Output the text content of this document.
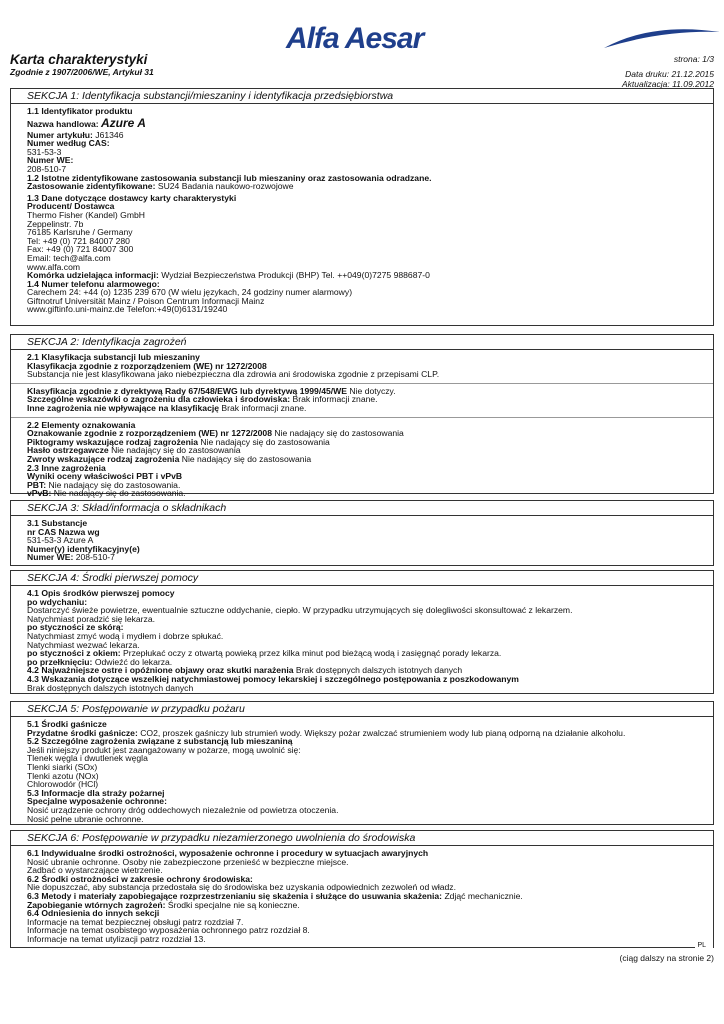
Alfa Aesar
Karta charakterystyki
Zgodnie z 1907/2006/WE, Artykuł 31
strona: 1/3
Data druku: 21.12.2015
Aktualizacja: 11.09.2012
SEKCJA 1: Identyfikacja substancji/mieszaniny i identyfikacja przedsiębiorstwa
1.1 Identyfikator produktu
Nazwa handlowa: Azure A
Numer artykułu: J61346
Numer według CAS:
531-53-3
Numer WE:
208-510-7
1.2 Istotne zidentyfikowane zastosowania substancji lub mieszaniny oraz zastosowania odradzane.
Zastosowanie zidentyfikowane: SU24 Badania naukowo-rozwojowe
1.3 Dane dotyczące dostawcy karty charakterystyki
Producent/ Dostawca
Thermo Fisher (Kandel) GmbH
Zeppelinstr. 7b
76185 Karlsruhe / Germany
Tel: +49 (0) 721 84007 280
Fax: +49 (0) 721 84007 300
Email: tech@alfa.com
www.alfa.com
Komórka udzielająca informacji: Wydział Bezpieczeństwa Produkcji (BHP) Tel. ++049(0)7275 988687-0
1.4 Numer telefonu alarmowego:
Carechem 24: +44 (o) 1235 239 670 (W wielu językach, 24 godziny numer alarmowy)
Giftnotruf Universität Mainz / Poison Centrum Informacji Mainz
www.giftinfo.uni-mainz.de Telefon:+49(0)6131/19240
SEKCJA 2: Identyfikacja zagrożeń
2.1 Klasyfikacja substancji lub mieszaniny
Klasyfikacja zgodnie z rozporządzeniem (WE) nr 1272/2008
Substancja nie jest klasyfikowana jako niebezpieczna dla zdrowia ani środowiska zgodnie z przepisami CLP.
Klasyfikacja zgodnie z dyrektywą Rady 67/548/EWG lub dyrektywą 1999/45/WE Nie dotyczy.
Szczególne wskazówki o zagrożeniu dla człowieka i środowiska: Brak informacji znane.
Inne zagrożenia nie wpływające na klasyfikację Brak informacji znane.
2.2 Elementy oznakowania
Oznakowanie zgodnie z rozporządzeniem (WE) nr 1272/2008 Nie nadający się do zastosowania
Piktogramy wskazujące rodzaj zagrożenia Nie nadający się do zastosowania
Hasło ostrzegawcze Nie nadający się do zastosowania
Zwroty wskazujące rodzaj zagrożenia Nie nadający się do zastosowania
2.3 Inne zagrożenia
Wyniki oceny właściwości PBT i vPvB
PBT: Nie nadający się do zastosowania.
vPvB: Nie nadający się do zastosowania.
SEKCJA 3: Skład/informacja o składnikach
3.1 Substancje
nr CAS Nazwa wg
531-53-3 Azure A
Numer(y) identyfikacyjny(e)
Numer WE: 208-510-7
SEKCJA 4: Środki pierwszej pomocy
4.1 Opis środków pierwszej pomocy
po wdychaniu:
Dostarczyć świeże powietrze, ewentualnie sztuczne oddychanie, ciepło. W przypadku utrzymujących się dolegliwości skonsultować z lekarzem.
Natychmiast poradzić się lekarza.
po styczności ze skórą:
Natychmiast zmyć wodą i mydłem i dobrze spłukać.
Natychmiast wezwać lekarza.
po styczności z okiem: Przepłukać oczy z otwartą powieką przez kilka minut pod bieżącą wodą i zasięgnąć porady lekarza.
po przełknięciu: Odwieźć do lekarza.
4.2 Najważniejsze ostre i opóźnione objawy oraz skutki narażenia Brak dostępnych dalszych istotnych danych
4.3 Wskazania dotyczące wszelkiej natychmiastowej pomocy lekarskiej i szczególnego postępowania z poszkodowanym
Brak dostępnych dalszych istotnych danych
SEKCJA 5: Postępowanie w przypadku pożaru
5.1 Środki gaśnicze
Przydatne środki gaśnicze: CO2, proszek gaśniczy lub strumień wody. Większy pożar zwalczać strumieniem wody lub pianą odporną na działanie alkoholu.
5.2 Szczególne zagrożenia związane z substancją lub mieszaniną
Jeśli niniejszy produkt jest zaangażowany w pożarze, mogą uwolnić się:
Tlenek węgla i dwutlenek węgla
Tlenki siarki (SOx)
Tlenki azotu (NOx)
Chlorowodór (HCl)
5.3 Informacje dla straży pożarnej
Specjalne wyposażenie ochronne:
Nosić urządzenie ochrony dróg oddechowych niezależnie od powietrza otoczenia.
Nosić pełne ubranie ochronne.
SEKCJA 6: Postępowanie w przypadku niezamierzonego uwolnienia do środowiska
6.1 Indywidualne środki ostrożności, wyposażenie ochronne i procedury w sytuacjach awaryjnych
Nosić ubranie ochronne. Osoby nie zabezpieczone przenieść w bezpieczne miejsce.
Zadbać o wystarczające wietrzenie.
6.2 Środki ostrożności w zakresie ochrony środowiska:
Nie dopuszczać, aby substancja przedostała się do środowiska bez uzyskania odpowiednich zezwoleń od władz.
6.3 Metody i materiały zapobiegające rozprzestrzenianiu się skażenia i służące do usuwania skażenia: Zdjąć mechanicznie.
Zapobieganie wtórnych zagrożeń: Środki specjalne nie są konieczne.
6.4 Odniesienia do innych sekcji
Informacje na temat bezpiecznej obsługi patrz rozdział 7.
Informacje na temat osobistego wyposażenia ochronnego patrz rozdział 8.
Informacje na temat utylizacji patrz rozdział 13.
PL
(ciąg dalszy na stronie 2)
